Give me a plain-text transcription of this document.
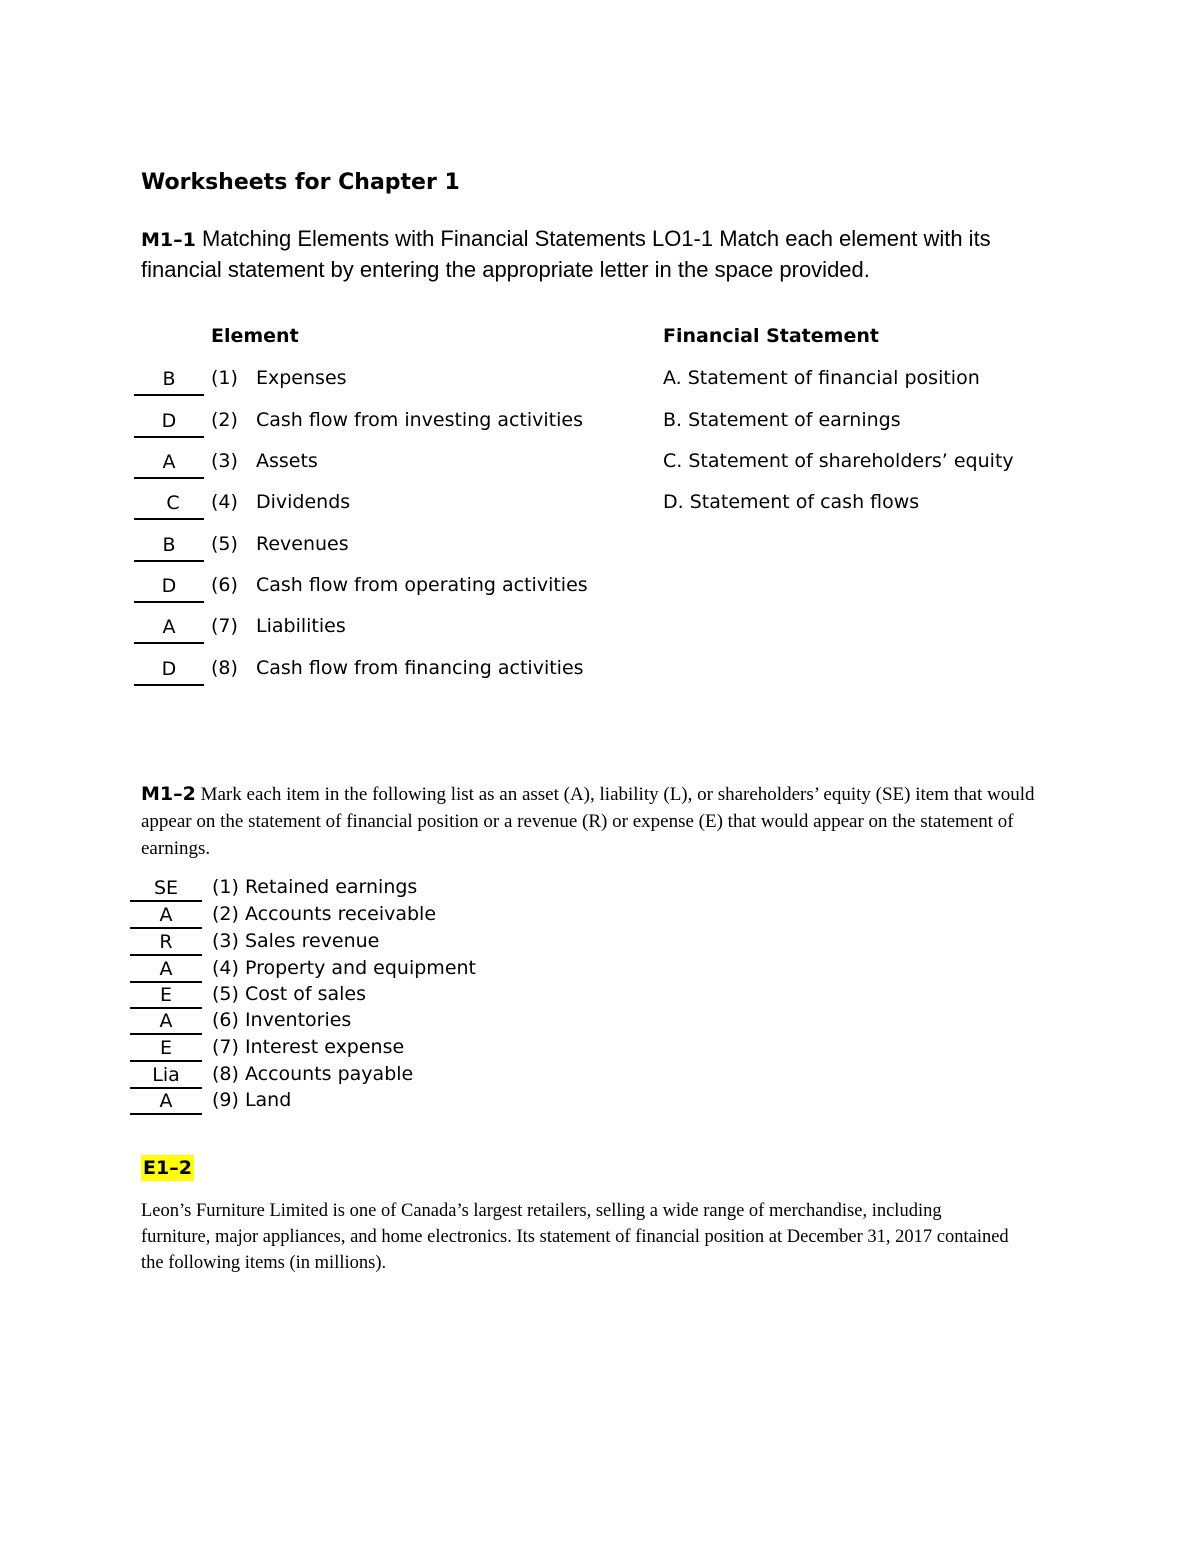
Worksheets for Chapter 1
M1–1 Matching Elements with Financial Statements LO1-1 Match each element with its financial statement by entering the appropriate letter in the space provided.
Element	Financial Statement
B	(1) Expenses
D	(2) Cash flow from investing activities
A	(3) Assets
C	(4) Dividends
B	(5) Revenues
D	(6) Cash flow from operating activities
A	(7) Liabilities
D	(8) Cash flow from financing activities
A. Statement of financial position
B. Statement of earnings
C. Statement of shareholders’ equity
D. Statement of cash flows
M1–2 Mark each item in the following list as an asset (A), liability (L), or shareholders’ equity (SE) item that would appear on the statement of financial position or a revenue (R) or expense (E) that would appear on the statement of earnings.
SE	(1) Retained earnings
A	(2) Accounts receivable
R	(3) Sales revenue
A	(4) Property and equipment
E	(5) Cost of sales
A	(6) Inventories
E	(7) Interest expense
Lia	(8) Accounts payable
A	(9) Land
E1–2
Leon’s Furniture Limited is one of Canada’s largest retailers, selling a wide range of merchandise, including furniture, major appliances, and home electronics. Its statement of financial position at December 31, 2017 contained the following items (in millions).
